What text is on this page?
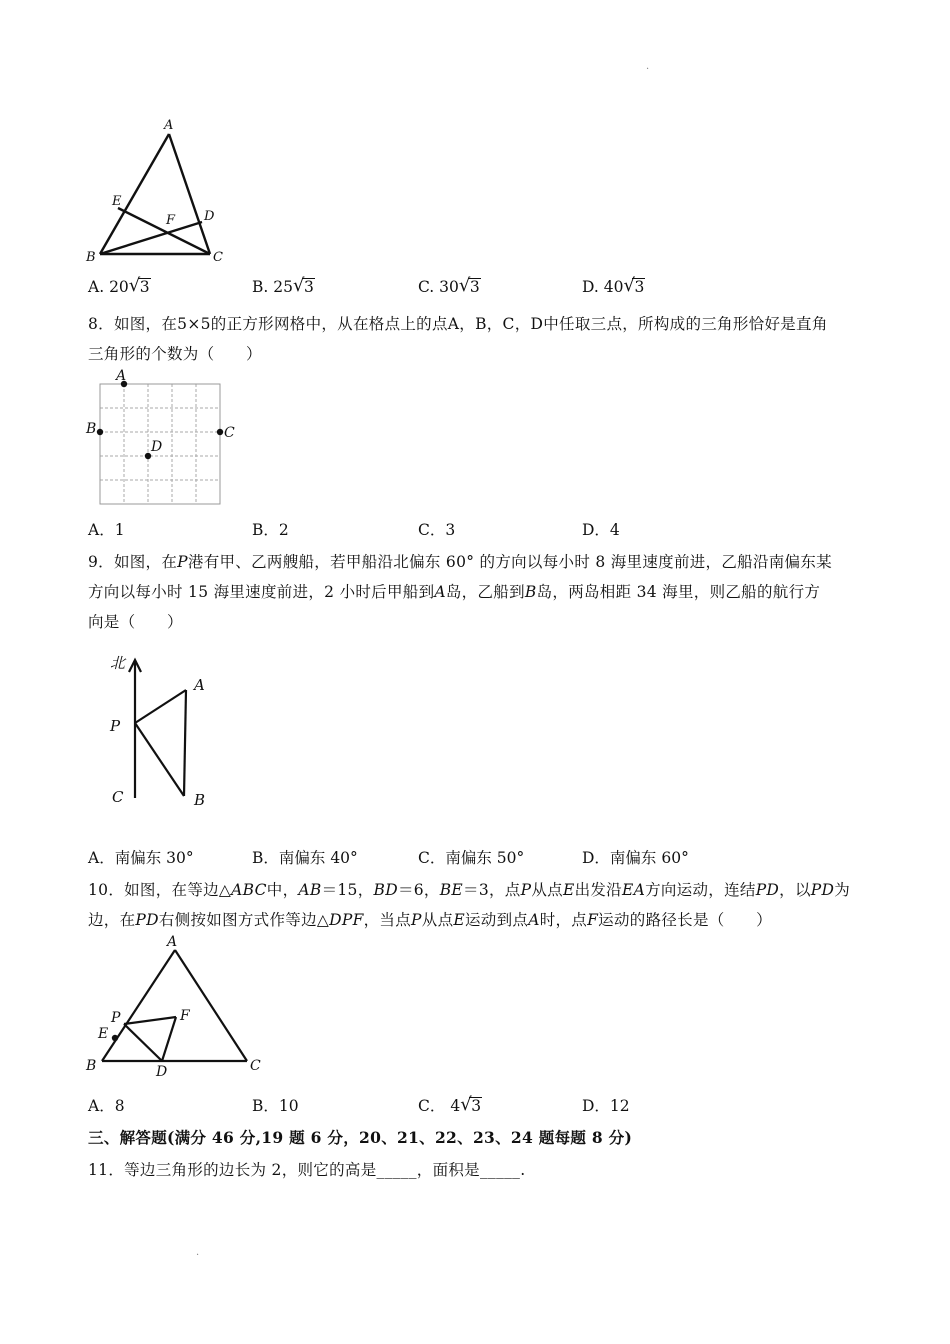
·
A
B	C
D
E
F
A. 20 √ 3	B. 25 √ 3	C. 30 √ 3	D. 40 √ 3
8．如图，在5×5的正方形网格中，从在格点上的点A，B，C，D中任取三点，所构成的三角形恰好是直角
三角形的个数为（　　）
A
B	C
D
A．1	B．2	C．3	D．4
9．如图，在P港有甲、乙两艘船，若甲船沿北偏东 60° 的方向以每小时 8 海里速度前进，乙船沿南偏东某
方向以每小时 15 海里速度前进，2 小时后甲船到A岛，乙船到B岛，两岛相距 34 海里，则乙船的航行方
向是（　　）
北
P
A
B
C
A．南偏东 30°	B．南偏东 40°	C．南偏东 50°	D．南偏东 60°
10．如图，在等边△ABC中，AB＝15，BD＝6，BE＝3，点P从点E出发沿EA方向运动，连结PD，以PD为
边，在PD右侧按如图方式作等边△DPF，当点P从点E运动到点A时，点F运动的路径长是（　　）
A
B	C
D
E
F
P
A．8	B．10	C． 4 √ 3	D．12
三、解答题(满分 46 分,19 题 6 分，20、21、22、23、24 题每题 8 分)
11．等边三角形的边长为 2，则它的高是_____，面积是_____.
·
